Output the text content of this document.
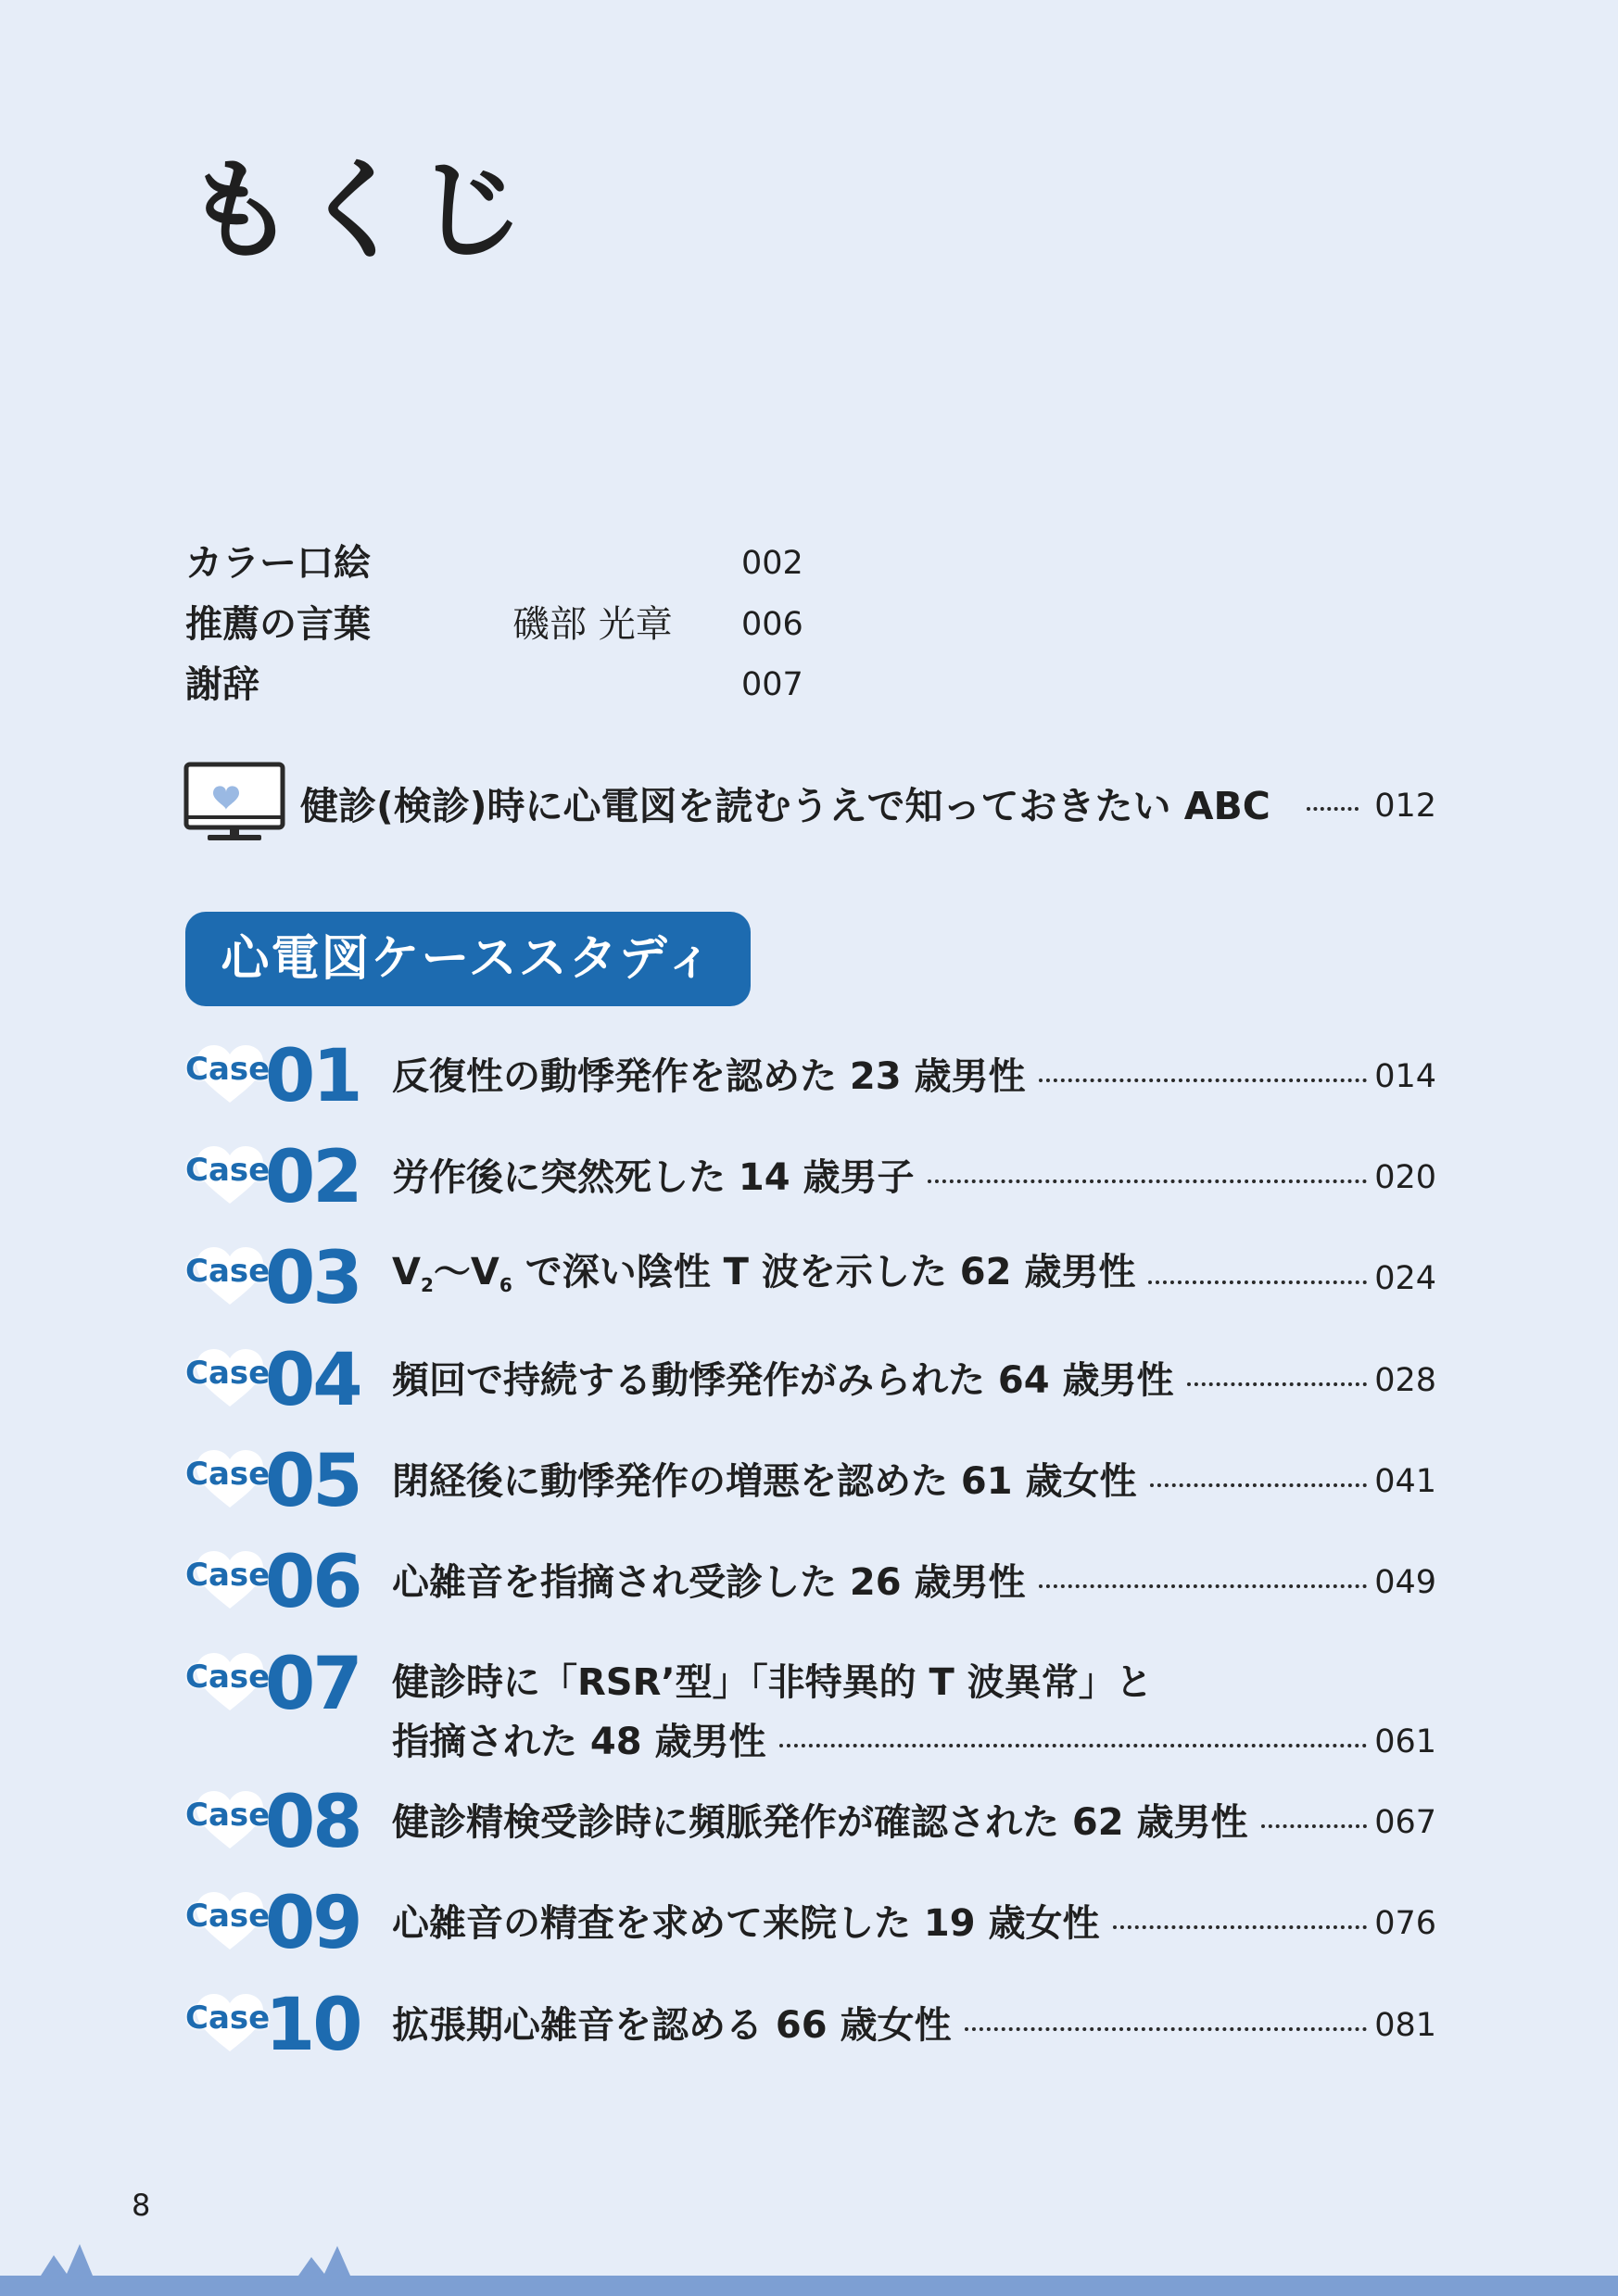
もくじ
カラー口絵	002
推薦の言葉	磯部 光章 006
謝辞	007
健診(検診)時に心電図を読むうえで知っておきたい ABC	012
心電図ケーススタディ
Case
01 反復性の動悸発作を認めた 23 歳男性	014
Case
02 労作後に突然死した 14 歳男子	020
Case
03 $V_2$〜$V_6$ で深い陰性 T 波を示した 62 歳男性	024
Case
04 頻回で持続する動悸発作がみられた 64 歳男性	028
Case
05 閉経後に動悸発作の増悪を認めた 61 歳女性	041
Case
06 心雑音を指摘され受診した 26 歳男性	049
Case
07 健診時に「RSR’型」「非特異的 T 波異常」と
指摘された 48 歳男性	061
Case
08 健診精検受診時に頻脈発作が確認された 62 歳男性	067
Case
09 心雑音の精査を求めて来院した 19 歳女性	076
Case
10 拡張期心雑音を認める 66 歳女性	081
8
